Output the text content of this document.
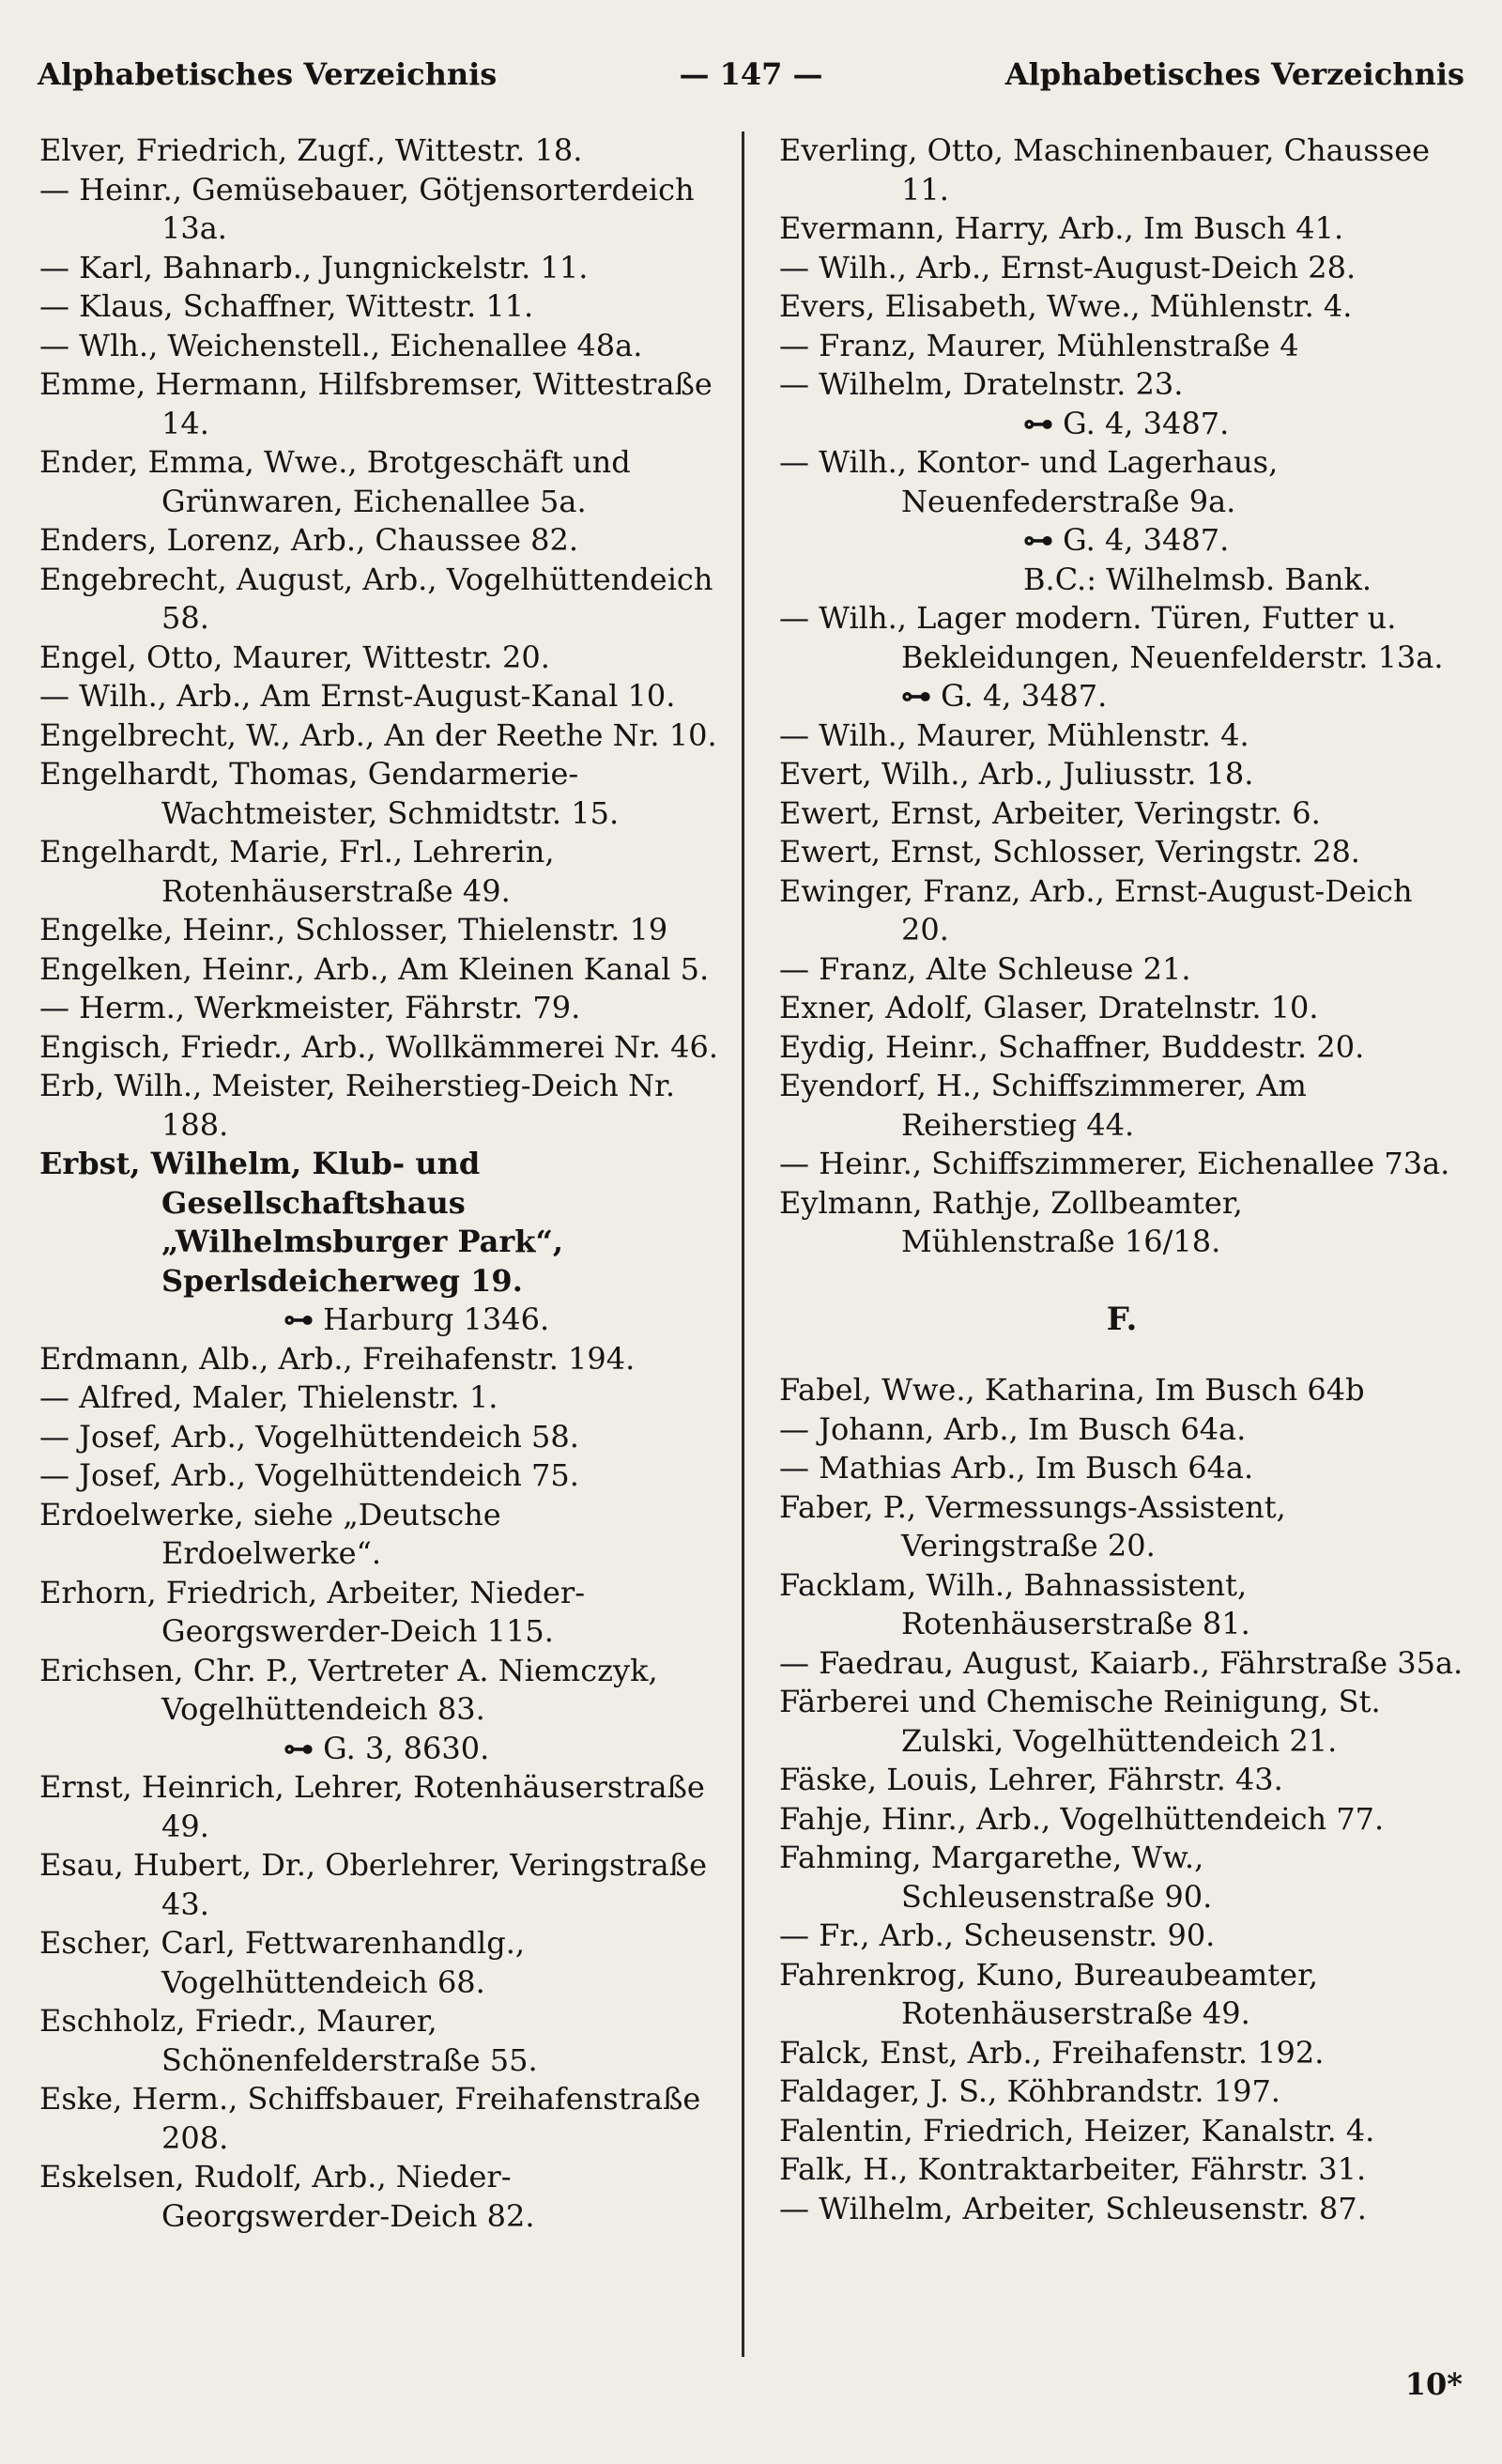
Alphabetisches Verzeichnis	— 147 —	Alphabetisches Verzeichnis
Elver, Friedrich, Zugf., Wittestr. 18.
— Heinr., Gemüsebauer, Götjensorterdeich 13a.
— Karl, Bahnarb., Jungnickelstr. 11.
— Klaus, Schaffner, Wittestr. 11.
— Wlh., Weichenstell., Eichenallee 48a.
Emme, Hermann, Hilfsbremser, Wittestraße 14.
Ender, Emma, Wwe., Brotgeschäft und Grünwaren, Eichenallee 5a.
Enders, Lorenz, Arb., Chaussee 82.
Engebrecht, August, Arb., Vogelhüttendeich 58.
Engel, Otto, Maurer, Wittestr. 20.
— Wilh., Arb., Am Ernst-August-Kanal 10.
Engelbrecht, W., Arb., An der Reethe Nr. 10.
Engelhardt, Thomas, Gendarmerie-Wachtmeister, Schmidtstr. 15.
Engelhardt, Marie, Frl., Lehrerin, Rotenhäuserstraße 49.
Engelke, Heinr., Schlosser, Thielenstr. 19
Engelken, Heinr., Arb., Am Kleinen Kanal 5.
— Herm., Werkmeister, Fährstr. 79.
Engisch, Friedr., Arb., Wollkämmerei Nr. 46.
Erb, Wilh., Meister, Reiherstieg-Deich Nr. 188.
Erbst, Wilhelm, Klub- und Gesellschaftshaus „Wilhelmsburger Park“, Sperlsdeicherweg 19.
⊶ Harburg 1346.
Erdmann, Alb., Arb., Freihafenstr. 194.
— Alfred, Maler, Thielenstr. 1.
— Josef, Arb., Vogelhüttendeich 58.
— Josef, Arb., Vogelhüttendeich 75.
Erdoelwerke, siehe „Deutsche Erdoelwerke“.
Erhorn, Friedrich, Arbeiter, Nieder-Georgswerder-Deich 115.
Erichsen, Chr. P., Vertreter A. Niemczyk, Vogelhüttendeich 83.
⊶ G. 3, 8630.
Ernst, Heinrich, Lehrer, Rotenhäuserstraße 49.
Esau, Hubert, Dr., Oberlehrer, Veringstraße 43.
Escher, Carl, Fettwarenhandlg., Vogelhüttendeich 68.
Eschholz, Friedr., Maurer, Schönenfelderstraße 55.
Eske, Herm., Schiffsbauer, Freihafenstraße 208.
Eskelsen, Rudolf, Arb., Nieder-Georgswerder-Deich 82.
Everling, Otto, Maschinenbauer, Chaussee 11.
Evermann, Harry, Arb., Im Busch 41.
— Wilh., Arb., Ernst-August-Deich 28.
Evers, Elisabeth, Wwe., Mühlenstr. 4.
— Franz, Maurer, Mühlenstraße 4
— Wilhelm, Dratelnstr. 23.
⊶ G. 4, 3487.
— Wilh., Kontor- und Lagerhaus, Neuenfederstraße 9a.
⊶ G. 4, 3487.
B.C.: Wilhelmsb. Bank.
— Wilh., Lager modern. Türen, Futter u. Bekleidungen, Neuenfelderstr. 13a. ⊶ G. 4, 3487.
— Wilh., Maurer, Mühlenstr. 4.
Evert, Wilh., Arb., Juliusstr. 18.
Ewert, Ernst, Arbeiter, Veringstr. 6.
Ewert, Ernst, Schlosser, Veringstr. 28.
Ewinger, Franz, Arb., Ernst-August-Deich 20.
— Franz, Alte Schleuse 21.
Exner, Adolf, Glaser, Dratelnstr. 10.
Eydig, Heinr., Schaffner, Buddestr. 20.
Eyendorf, H., Schiffszimmerer, Am Reiherstieg 44.
— Heinr., Schiffszimmerer, Eichenallee 73a.
Eylmann, Rathje, Zollbeamter, Mühlenstraße 16/18.
F.
Fabel, Wwe., Katharina, Im Busch 64b
— Johann, Arb., Im Busch 64a.
— Mathias Arb., Im Busch 64a.
Faber, P., Vermessungs-Assistent, Veringstraße 20.
Facklam, Wilh., Bahnassistent, Rotenhäuserstraße 81.
— Faedrau, August, Kaiarb., Fährstraße 35a.
Färberei und Chemische Reinigung, St. Zulski, Vogelhüttendeich 21.
Fäske, Louis, Lehrer, Fährstr. 43.
Fahje, Hinr., Arb., Vogelhüttendeich 77.
Fahming, Margarethe, Ww., Schleusenstraße 90.
— Fr., Arb., Scheusenstr. 90.
Fahrenkrog, Kuno, Bureaubeamter, Rotenhäuserstraße 49.
Falck, Enst, Arb., Freihafenstr. 192.
Faldager, J. S., Köhbrandstr. 197.
Falentin, Friedrich, Heizer, Kanalstr. 4.
Falk, H., Kontraktarbeiter, Fährstr. 31.
— Wilhelm, Arbeiter, Schleusenstr. 87.
10*
